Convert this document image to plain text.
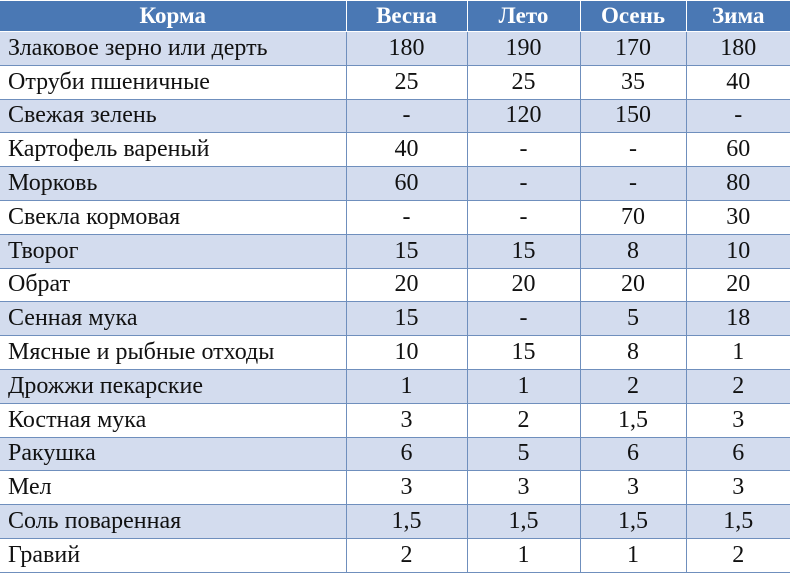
Корма	Весна	Лето	Осень	Зима
Злаковое зерно или дерть	180	190	170	180
Отруби пшеничные	25	25	35	40
Свежая зелень	-	120	150	-
Картофель вареный	40	-	-	60
Морковь	60	-	-	80
Свекла кормовая	-	-	70	30
Творог	15	15	8	10
Обрат	20	20	20	20
Сенная мука	15	-	5	18
Мясные и рыбные отходы	10	15	8	1
Дрожжи пекарские	1	1	2	2
Костная мука	3	2	1,5	3
Ракушка	6	5	6	6
Мел	3	3	3	3
Соль поваренная	1,5	1,5	1,5	1,5
Гравий	2	1	1	2
